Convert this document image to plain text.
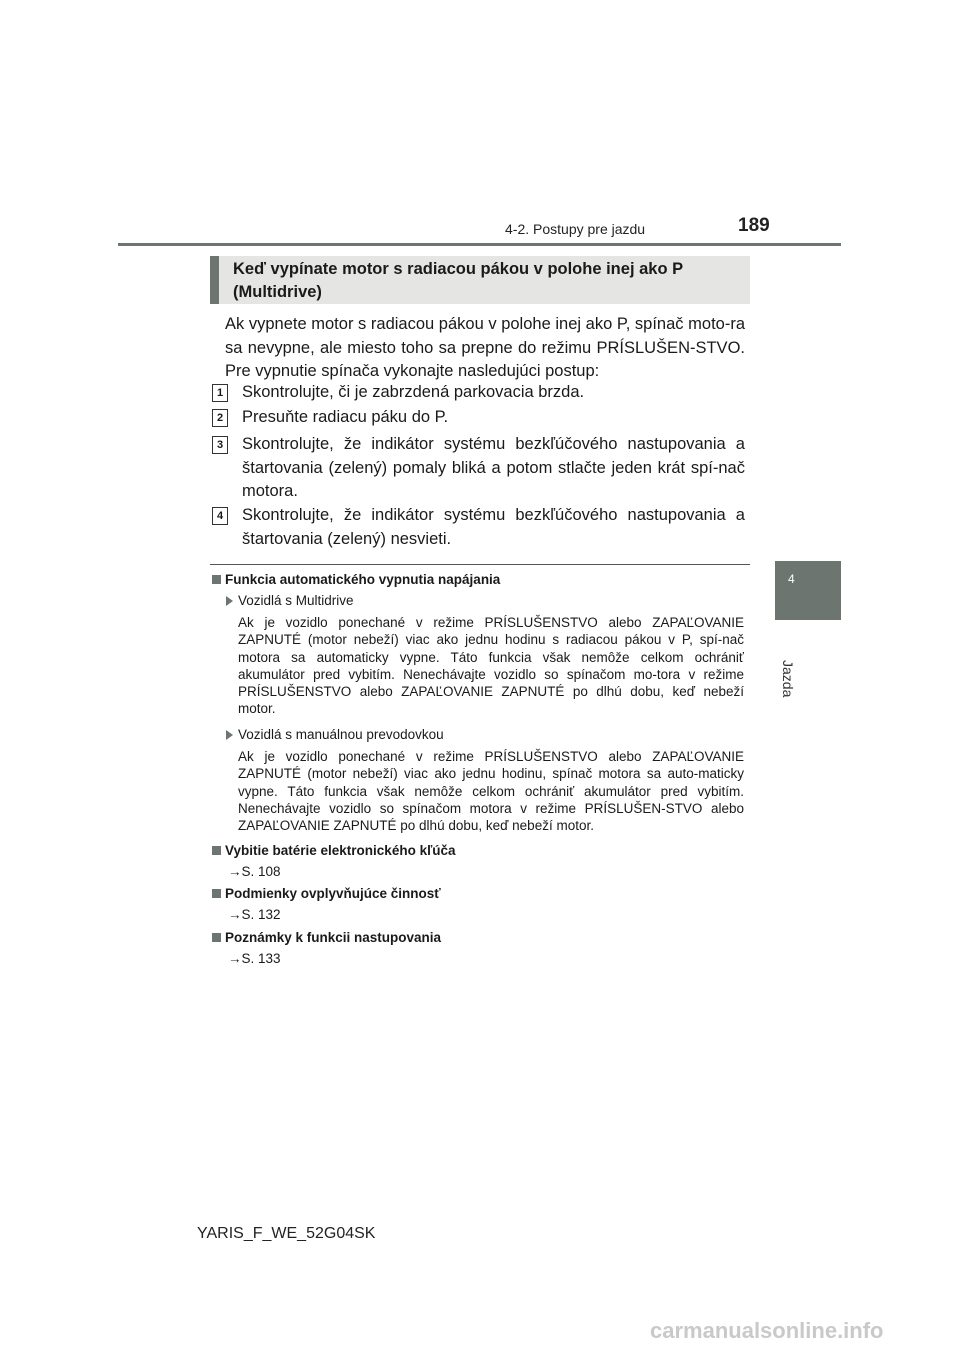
4-2. Postupy pre jazdu	189
4
Jazda
Keď vypínate motor s radiacou pákou v polohe inej ako P (Multidrive)
Ak vypnete motor s radiacou pákou v polohe inej ako P, spínač moto-ra sa nevypne, ale miesto toho sa prepne do režimu PRÍSLUŠEN-STVO. Pre vypnutie spínača vykonajte nasledujúci postup:
1 Skontrolujte, či je zabrzdená parkovacia brzda.
2 Presuňte radiacu páku do P.
3 Skontrolujte, že indikátor systému bezkľúčového nastupovania a štartovania (zelený) pomaly bliká a potom stlačte jeden krát spí-nač motora.
4 Skontrolujte, že indikátor systému bezkľúčového nastupovania a štartovania (zelený) nesvieti.
Funkcia automatického vypnutia napájania
Vozidlá s Multidrive
Ak je vozidlo ponechané v režime PRÍSLUŠENSTVO alebo ZAPAĽOVANIE ZAPNUTÉ (motor nebeží) viac ako jednu hodinu s radiacou pákou v P, spí-nač motora sa automaticky vypne. Táto funkcia však nemôže celkom ochrániť akumulátor pred vybitím. Nenechávajte vozidlo so spínačom mo-tora v režime PRÍSLUŠENSTVO alebo ZAPAĽOVANIE ZAPNUTÉ po dlhú dobu, keď nebeží motor.
Vozidlá s manuálnou prevodovkou
Ak je vozidlo ponechané v režime PRÍSLUŠENSTVO alebo ZAPAĽOVANIE ZAPNUTÉ (motor nebeží) viac ako jednu hodinu, spínač motora sa auto-maticky vypne. Táto funkcia však nemôže celkom ochrániť akumulátor pred vybitím. Nenechávajte vozidlo so spínačom motora v režime PRÍSLUŠEN-STVO alebo ZAPAĽOVANIE ZAPNUTÉ po dlhú dobu, keď nebeží motor.
Vybitie batérie elektronického kľúča
→S. 108
Podmienky ovplyvňujúce činnosť
→S. 132
Poznámky k funkcii nastupovania
→S. 133
YARIS_F_WE_52G04SK
carmanualsonline.info
